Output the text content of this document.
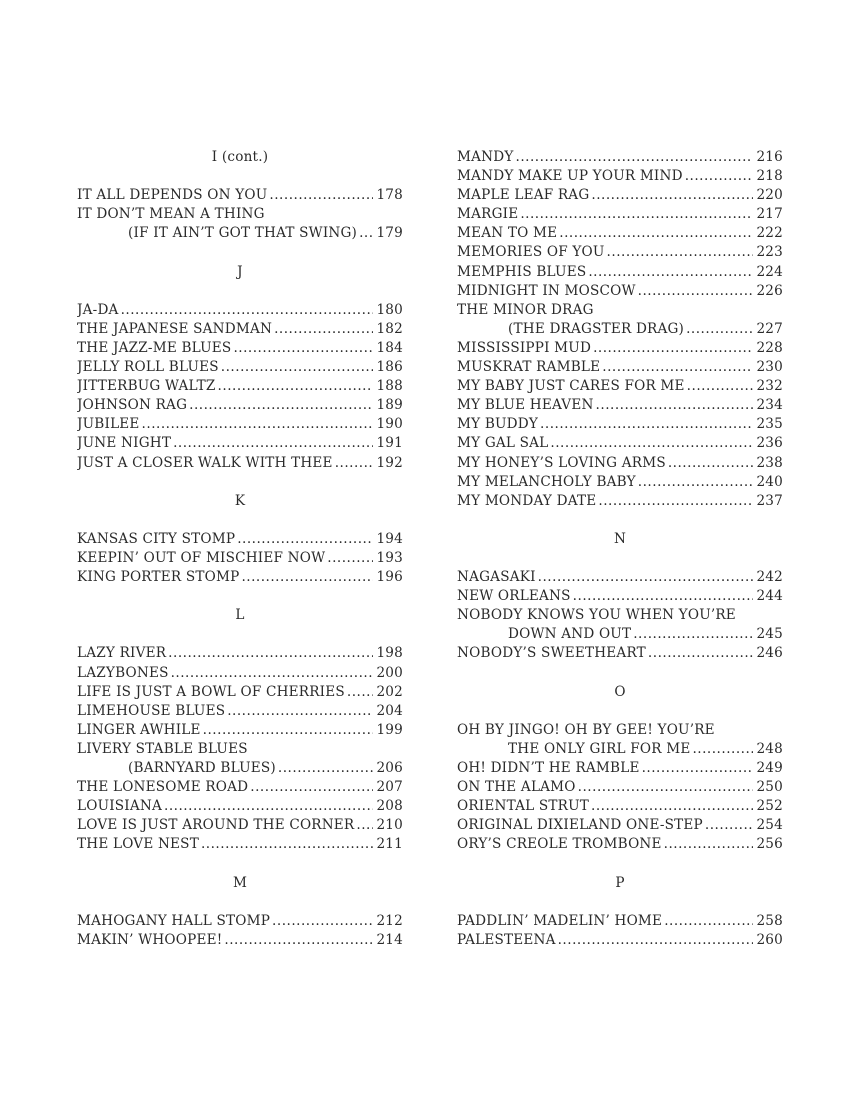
I (cont.)
IT ALL DEPENDS ON YOU .....	178
IT DON’T MEAN A THING
(IF IT AIN’T GOT THAT SWING) ..... 179
J
JA-DA .....	180
THE JAPANESE SANDMAN .....	182
THE JAZZ-ME BLUES .....	184
JELLY ROLL BLUES .....	186
JITTERBUG WALTZ .....	188
JOHNSON RAG .....	189
JUBILEE .....	190
JUNE NIGHT .....	191
JUST A CLOSER WALK WITH THEE .....	192
K
KANSAS CITY STOMP .....	194
KEEPIN’ OUT OF MISCHIEF NOW .....	193
KING PORTER STOMP .....	196
L
LAZY RIVER .....	198
LAZYBONES .....	200
LIFE IS JUST A BOWL OF CHERRIES ..... 202
LIMEHOUSE BLUES .....	204
LINGER AWHILE .....	199
LIVERY STABLE BLUES
(BARNYARD BLUES) .....	206
THE LONESOME ROAD .....	207
LOUISIANA .....	208
LOVE IS JUST AROUND THE CORNER ..... 210
THE LOVE NEST .....	211
M
MAHOGANY HALL STOMP .....	212
MAKIN’ WHOOPEE! .....	214
MANDY .....	216
MANDY MAKE UP YOUR MIND .....	218
MAPLE LEAF RAG .....	220
MARGIE .....	217
MEAN TO ME .....	222
MEMORIES OF YOU .....	223
MEMPHIS BLUES .....	224
MIDNIGHT IN MOSCOW .....	226
THE MINOR DRAG
(THE DRAGSTER DRAG) .....	227
MISSISSIPPI MUD .....	228
MUSKRAT RAMBLE .....	230
MY BABY JUST CARES FOR ME .....	232
MY BLUE HEAVEN .....	234
MY BUDDY .....	235
MY GAL SAL .....	236
MY HONEY’S LOVING ARMS .....	238
MY MELANCHOLY BABY .....	240
MY MONDAY DATE .....	237
N
NAGASAKI .....	242
NEW ORLEANS .....	244
NOBODY KNOWS YOU WHEN YOU’RE
DOWN AND OUT .....	245
NOBODY’S SWEETHEART .....	246
O
OH BY JINGO! OH BY GEE! YOU’RE
THE ONLY GIRL FOR ME .....	248
OH! DIDN’T HE RAMBLE .....	249
ON THE ALAMO .....	250
ORIENTAL STRUT .....	252
ORIGINAL DIXIELAND ONE-STEP .....	254
ORY’S CREOLE TROMBONE .....	256
P
PADDLIN’ MADELIN’ HOME .....	258
PALESTEENA .....	260
